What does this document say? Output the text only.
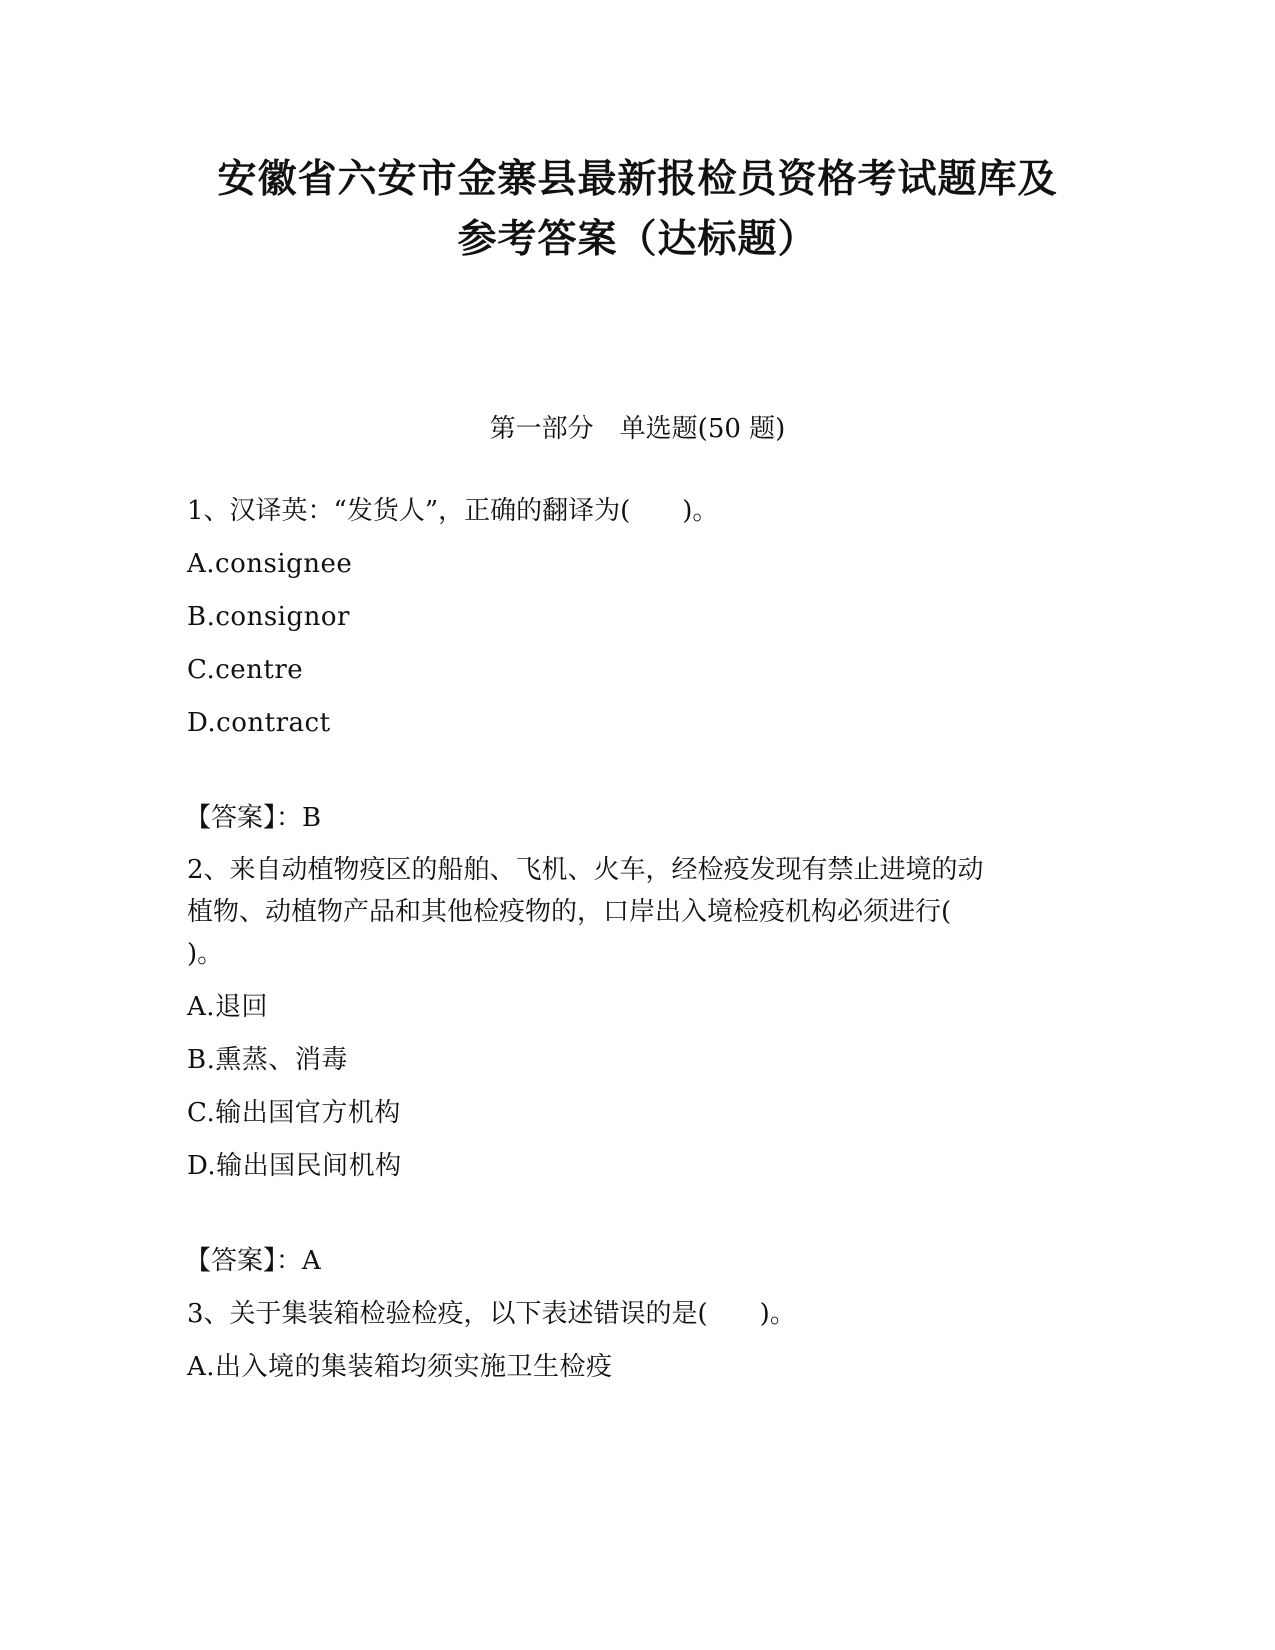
安徽省六安市金寨县最新报检员资格考试题库及
参考答案（达标题）
第一部分　单选题(50 题)
1、汉译英：“发货人”，正确的翻译为(　　)。
A.consignee
B.consignor
C.centre
D.contract
【答案】：B
2、来自动植物疫区的船舶、飞机、火车，经检疫发现有禁止进境的动
植物、动植物产品和其他检疫物的，口岸出入境检疫机构必须进行(
)。
A.退回
B.熏蒸、消毒
C.输出国官方机构
D.输出国民间机构
【答案】：A
3、关于集装箱检验检疫，以下表述错误的是(　　)。
A.出入境的集装箱均须实施卫生检疫
